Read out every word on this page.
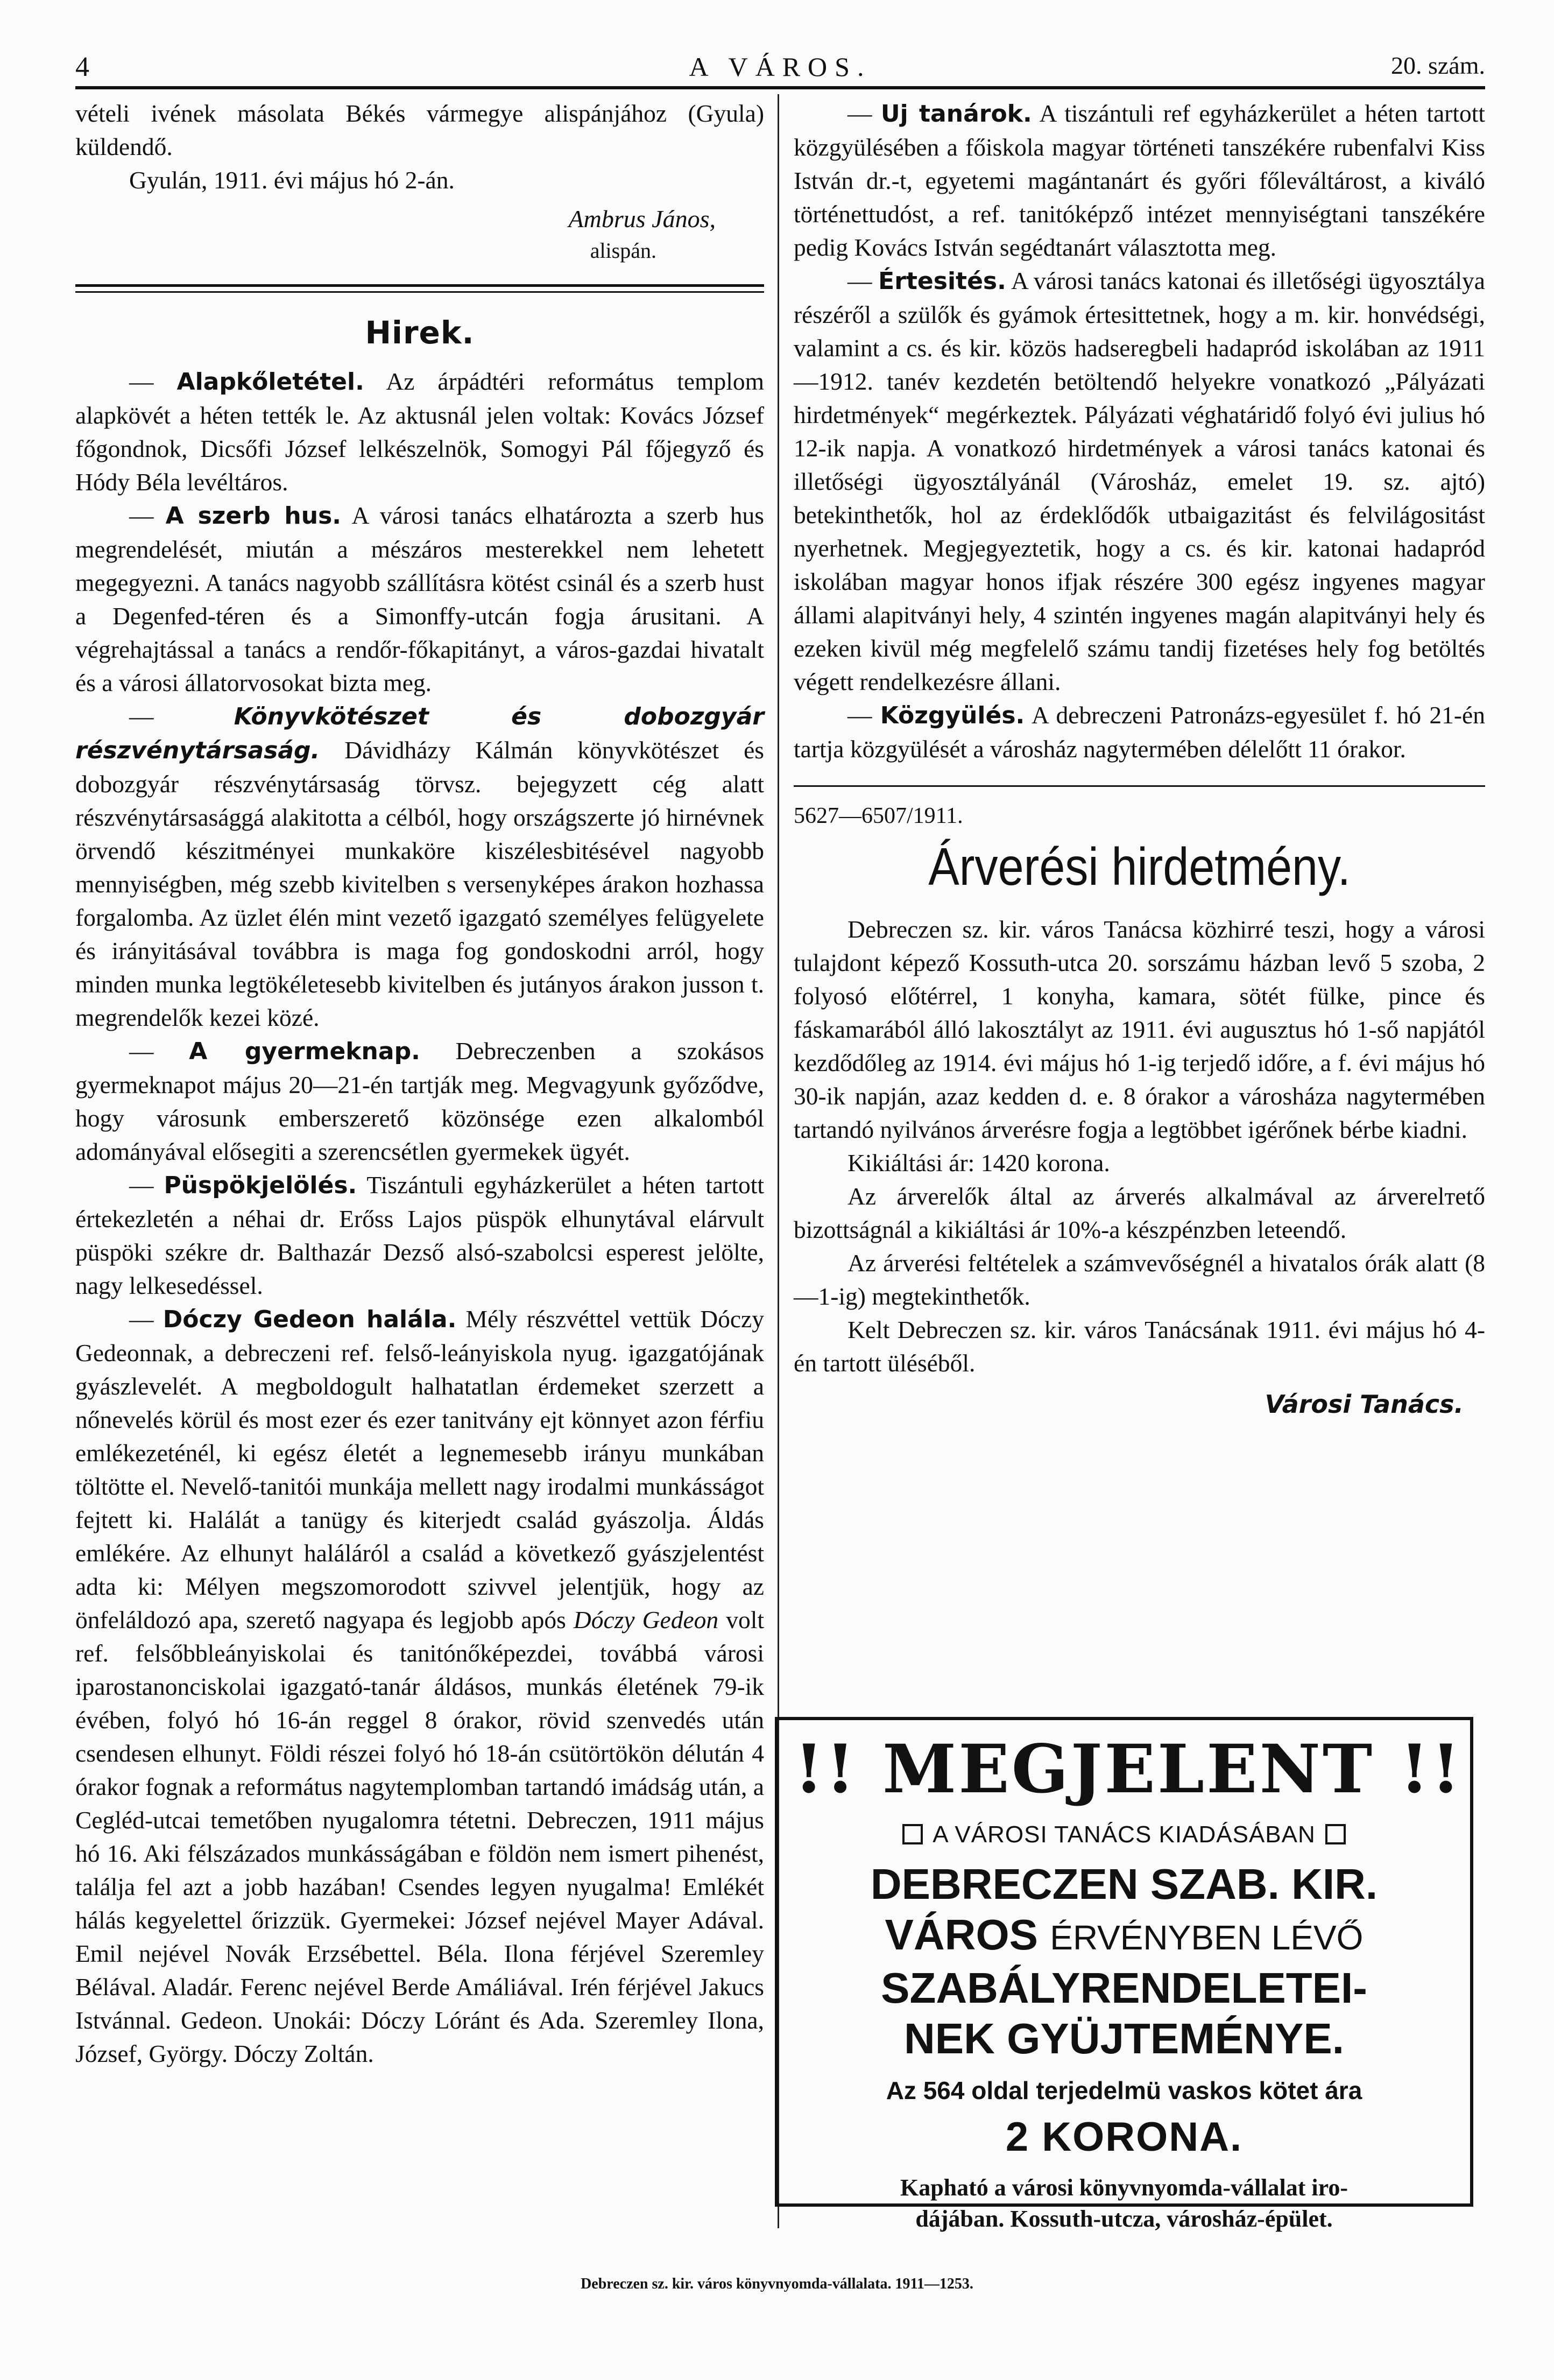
4	A VÁROS.	20. szám.

vételi ivének másolata Békés vármegye alispánjához (Gyula) küldendő.

Gyulán, 1911. évi május hó 2-án.

Ambrus János,
alispán.
Hirek.

— Alapkőletétel. Az árpádtéri református templom alapkövét a héten tették le. Az aktusnál jelen voltak: Kovács József főgondnok, Dicsőfi József lelkészelnök, Somogyi Pál főjegyző és Hódy Béla levéltáros.

— A szerb hus. A városi tanács elhatározta a szerb hus megrendelését, miután a mészáros mesterekkel nem lehetett megegyezni. A tanács nagyobb szállításra kötést csinál és a szerb hust a Degenfed-téren és a Simonffy-utcán fogja árusitani. A végrehajtással a tanács a rendőr-főkapitányt, a város-gazdai hivatalt és a városi állatorvosokat bizta meg.

— Könyvkötészet és dobozgyár részvénytársaság. Dávidházy Kálmán könyvkötészet és dobozgyár részvénytársaság törvsz. bejegyzett cég alatt részvénytársasággá alakitotta a célból, hogy országszerte jó hirnévnek örvendő készitményei munkaköre kiszélesbitésével nagyobb mennyiségben, még szebb kivitelben s versenyképes árakon hozhassa forgalomba. Az üzlet élén mint vezető igazgató személyes felügyelete és irányitásával továbbra is maga fog gondoskodni arról, hogy minden munka legtökéletesebb kivitelben és jutányos árakon jusson t. megrendelők kezei közé.

— A gyermeknap. Debreczenben a szokásos gyermeknapot május 20—21-én tartják meg. Megvagyunk győződve, hogy városunk emberszerető közönsége ezen alkalomból adományával elősegiti a szerencsétlen gyermekek ügyét.

— Püspökjelölés. Tiszántuli egyházkerület a héten tartott értekezletén a néhai dr. Erőss Lajos püspök elhunytával elárvult püspöki székre dr. Balthazár Dezső alsó-szabolcsi esperest jelölte, nagy lelkesedéssel.

— Dóczy Gedeon halála. Mély részvéttel vettük Dóczy Gedeonnak, a debreczeni ref. felső-leányiskola nyug. igazgatójának gyászlevelét. A megboldogult halhatatlan érdemeket szerzett a nőnevelés körül és most ezer és ezer tanitvány ejt könnyet azon férfiu emlékezeténél, ki egész életét a legnemesebb irányu munkában töltötte el. Nevelő-tanitói munkája mellett nagy irodalmi munkásságot fejtett ki. Halálát a tanügy és kiterjedt család gyászolja. Áldás emlékére. Az elhunyt haláláról a család a következő gyászjelentést adta ki: Mélyen megszomorodott szivvel jelentjük, hogy az önfeláldozó apa, szerető nagyapa és legjobb após Dóczy Gedeon volt ref. felsőbbleányiskolai és tanitónőképezdei, továbbá városi iparostanonciskolai igazgató-tanár áldásos, munkás életének 79-ik évében, folyó hó 16-án reggel 8 órakor, rövid szenvedés után csendesen elhunyt. Földi részei folyó hó 18-án csütörtökön délután 4 órakor fognak a református nagytemplomban tartandó imádság után, a Cegléd-utcai temetőben nyugalomra tétetni. Debreczen, 1911 május hó 16. Aki félszázados munkásságában e földön nem ismert pihenést, találja fel azt a jobb hazában! Csendes legyen nyugalma! Emlékét hálás kegyelettel őrizzük. Gyermekei: József nejével Mayer Adával. Emil nejével Novák Erzsébettel. Béla. Ilona férjével Szeremley Bélával. Aladár. Ferenc nejével Berde Amáliával. Irén férjével Jakucs Istvánnal. Gedeon. Unokái: Dóczy Lóránt és Ada. Szeremley Ilona, József, György. Dóczy Zoltán.

— Uj tanárok. A tiszántuli ref egyházkerület a héten tartott közgyülésében a főiskola magyar történeti tanszékére rubenfalvi Kiss István dr.-t, egyetemi magántanárt és győri főleváltárost, a kiváló történettudóst, a ref. tanitóképző intézet mennyiségtani tanszékére pedig Kovács István segédtanárt választotta meg.

— Értesités. A városi tanács katonai és illetőségi ügyosztálya részéről a szülők és gyámok értesittetnek, hogy a m. kir. honvédségi, valamint a cs. és kir. közös hadseregbeli hadapród iskolában az 1911—1912. tanév kezdetén betöltendő helyekre vonatkozó „Pályázati hirdetmények“ megérkeztek. Pályázati véghatáridő folyó évi julius hó 12-ik napja. A vonatkozó hirdetmények a városi tanács katonai és illetőségi ügyosztályánál (Városház, emelet 19. sz. ajtó) betekinthetők, hol az érdeklődők utbaigazitást és felvilágositást nyerhetnek. Megjegyeztetik, hogy a cs. és kir. katonai hadapród iskolában magyar honos ifjak részére 300 egész ingyenes magyar állami alapitványi hely, 4 szintén ingyenes magán alapitványi hely és ezeken kivül még megfelelő számu tandij fizetéses hely fog betöltés végett rendelkezésre állani.

— Közgyülés. A debreczeni Patronázs-egyesület f. hó 21-én tartja közgyülését a városház nagytermében délelőtt 11 órakor.

5627—6507/1911.
Árverési hirdetmény.

Debreczen sz. kir. város Tanácsa közhirré teszi, hogy a városi tulajdont képező Kossuth-utca 20. sorszámu házban levő 5 szoba, 2 folyosó előtérrel, 1 konyha, kamara, sötét fülke, pince és fáskamarából álló lakosztályt az 1911. évi augusztus hó 1-ső napjától kezdődőleg az 1914. évi május hó 1-ig terjedő időre, a f. évi május hó 30-ik napján, azaz kedden d. e. 8 órakor a városháza nagytermében tartandó nyilvános árverésre fogja a legtöbbet igérőnek bérbe kiadni.

Kikiáltási ár: 1420 korona.

Az árverelők által az árverés alkalmával az árverelтető bizottságnál a kikiáltási ár 10%-a készpénzben leteendő.

Az árverési feltételek a számvevőségnél a hivatalos órák alatt (8—1-ig) megtekinthetők.

Kelt Debreczen sz. kir. város Tanácsának 1911. évi május hó 4-én tartott üléséből.

Városi Tanács.
!! MEGJELENT !!
A VÁROSI TANÁCS KIADÁSÁBAN
DEBRECZEN SZAB. KIR.
VÁROS ÉRVÉNYBEN LÉVŐ
SZABÁLYRENDELETEI-
NEK GYÜJTEMÉNYE.
Az 564 oldal terjedelmü vaskos kötet ára
2 KORONA.
Kapható a városi könyvnyomda-vállalat iro-
dájában. Kossuth-utcza, városház-épület.
Debreczen sz. kir. város könyvnyomda-vállalata. 1911—1253.
